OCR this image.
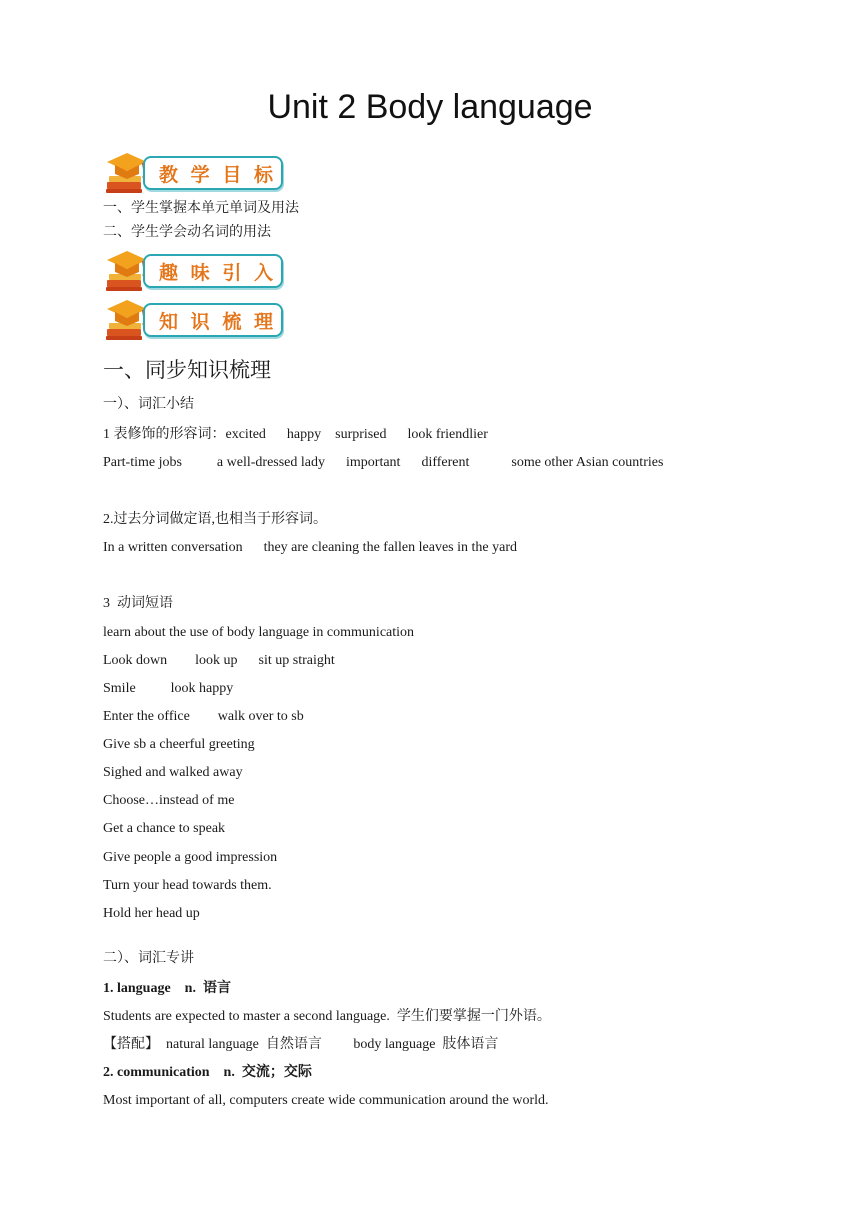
Unit 2 Body language
教 学 目 标
一、学生掌握本单元单词及用法
二、学生学会动名词的用法
趣 味 引 入
知 识 梳 理
一、同步知识梳理
一）、词汇小结
1 表修饰的形容词：excited      happy    surprised      look friendlier
Part-time jobs          a well-dressed lady      important      different            some other Asian countries
2.过去分词做定语,也相当于形容词。
In a written conversation      they are cleaning the fallen leaves in the yard
3  动词短语
learn about the use of body language in communication
Look down        look up      sit up straight
Smile          look happy
Enter the office        walk over to sb
Give sb a cheerful greeting
Sighed and walked away
Choose…instead of me
Get a chance to speak
Give people a good impression
Turn your head towards them.
Hold her head up
二）、词汇专讲
1. language    n.  语言
Students are expected to master a second language.  学生们要掌握一门外语。
【搭配】  natural language  自然语言         body language  肢体语言
2. communication    n.  交流；交际
Most important of all, computers create wide communication around the world.
